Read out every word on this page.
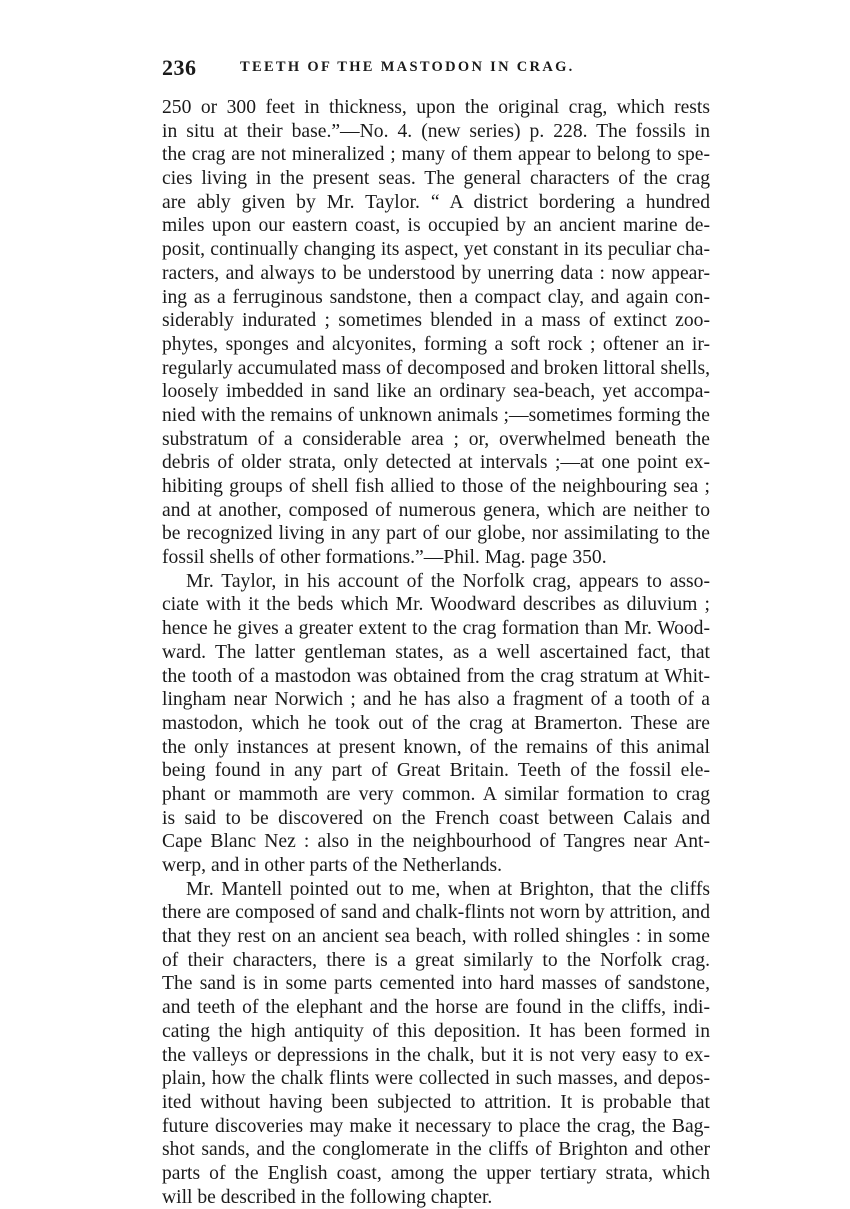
236	TEETH OF THE MASTODON IN CRAG.
250 or 300 feet in thickness, upon the original crag, which rests
in situ at their base.”—No. 4. (new series) p. 228. The fossils in
the crag are not mineralized ; many of them appear to belong to spe-
cies living in the present seas. The general characters of the crag
are ably given by Mr. Taylor. “ A district bordering a hundred
miles upon our eastern coast, is occupied by an ancient marine de-
posit, continually changing its aspect, yet constant in its peculiar cha-
racters, and always to be understood by unerring data : now appear-
ing as a ferruginous sandstone, then a compact clay, and again con-
siderably indurated ; sometimes blended in a mass of extinct zoo-
phytes, sponges and alcyonites, forming a soft rock ; oftener an ir-
regularly accumulated mass of decomposed and broken littoral shells,
loosely imbedded in sand like an ordinary sea-beach, yet accompa-
nied with the remains of unknown animals ;—sometimes forming the
substratum of a considerable area ; or, overwhelmed beneath the
debris of older strata, only detected at intervals ;—at one point ex-
hibiting groups of shell fish allied to those of the neighbouring sea ;
and at another, composed of numerous genera, which are neither to
be recognized living in any part of our globe, nor assimilating to the
fossil shells of other formations.”—Phil. Mag. page 350.
Mr. Taylor, in his account of the Norfolk crag, appears to asso-
ciate with it the beds which Mr. Woodward describes as diluvium ;
hence he gives a greater extent to the crag formation than Mr. Wood-
ward. The latter gentleman states, as a well ascertained fact, that
the tooth of a mastodon was obtained from the crag stratum at Whit-
lingham near Norwich ; and he has also a fragment of a tooth of a
mastodon, which he took out of the crag at Bramerton. These are
the only instances at present known, of the remains of this animal
being found in any part of Great Britain. Teeth of the fossil ele-
phant or mammoth are very common. A similar formation to crag
is said to be discovered on the French coast between Calais and
Cape Blanc Nez : also in the neighbourhood of Tangres near Ant-
werp, and in other parts of the Netherlands.
Mr. Mantell pointed out to me, when at Brighton, that the cliffs
there are composed of sand and chalk-flints not worn by attrition, and
that they rest on an ancient sea beach, with rolled shingles : in some
of their characters, there is a great similarly to the Norfolk crag.
The sand is in some parts cemented into hard masses of sandstone,
and teeth of the elephant and the horse are found in the cliffs, indi-
cating the high antiquity of this deposition. It has been formed in
the valleys or depressions in the chalk, but it is not very easy to ex-
plain, how the chalk flints were collected in such masses, and depos-
ited without having been subjected to attrition. It is probable that
future discoveries may make it necessary to place the crag, the Bag-
shot sands, and the conglomerate in the cliffs of Brighton and other
parts of the English coast, among the upper tertiary strata, which
will be described in the following chapter.
